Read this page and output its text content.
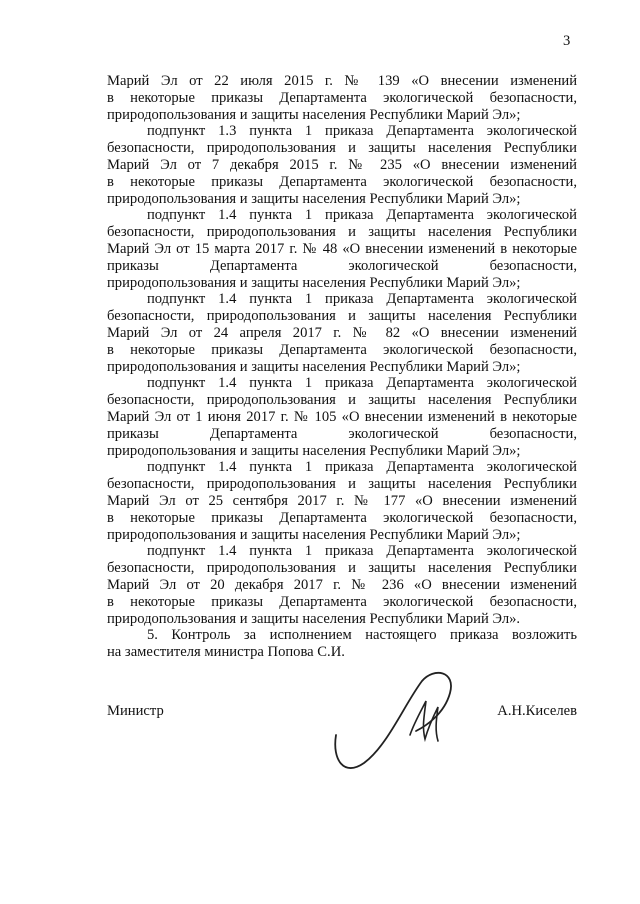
3
Марий Эл от 22 июля 2015 г. № 139 «О внесении изменений
в некоторые приказы Департамента экологической безопасности,
природопользования и защиты населения Республики Марий Эл»;
подпункт 1.3 пункта 1 приказа Департамента экологической
безопасности, природопользования и защиты населения Республики
Марий Эл от 7 декабря 2015 г. № 235 «О внесении изменений
в некоторые приказы Департамента экологической безопасности,
природопользования и защиты населения Республики Марий Эл»;
подпункт 1.4 пункта 1 приказа Департамента экологической
безопасности, природопользования и защиты населения Республики
Марий Эл от 15 марта 2017 г. № 48 «О внесении изменений в некоторые
приказы Департамента экологической безопасности,
природопользования и защиты населения Республики Марий Эл»;
подпункт 1.4 пункта 1 приказа Департамента экологической
безопасности, природопользования и защиты населения Республики
Марий Эл от 24 апреля 2017 г. № 82 «О внесении изменений
в некоторые приказы Департамента экологической безопасности,
природопользования и защиты населения Республики Марий Эл»;
подпункт 1.4 пункта 1 приказа Департамента экологической
безопасности, природопользования и защиты населения Республики
Марий Эл от 1 июня 2017 г. № 105 «О внесении изменений в некоторые
приказы Департамента экологической безопасности,
природопользования и защиты населения Республики Марий Эл»;
подпункт 1.4 пункта 1 приказа Департамента экологической
безопасности, природопользования и защиты населения Республики
Марий Эл от 25 сентября 2017 г. № 177 «О внесении изменений
в некоторые приказы Департамента экологической безопасности,
природопользования и защиты населения Республики Марий Эл»;
подпункт 1.4 пункта 1 приказа Департамента экологической
безопасности, природопользования и защиты населения Республики
Марий Эл от 20 декабря 2017 г. № 236 «О внесении изменений
в некоторые приказы Департамента экологической безопасности,
природопользования и защиты населения Республики Марий Эл».
5. Контроль за исполнением настоящего приказа возложить
на заместителя министра Попова С.И.
Министр	А.Н.Киселев
